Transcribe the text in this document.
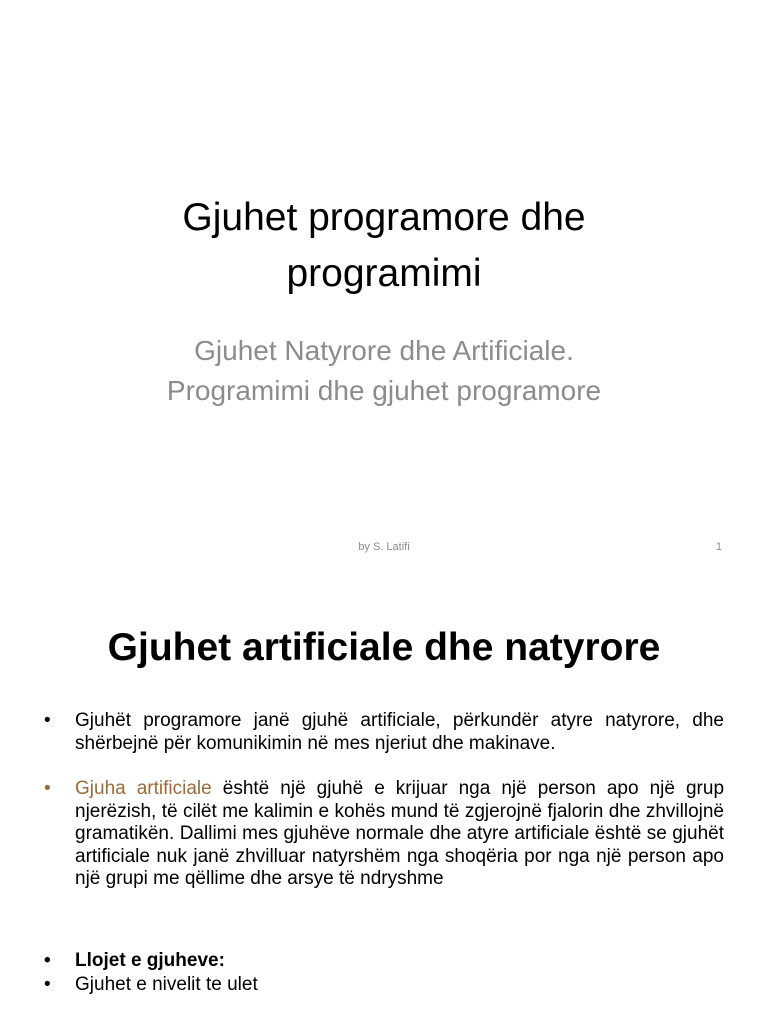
Gjuhet programore dhe
programimi
Gjuhet Natyrore dhe Artificiale.
Programimi dhe gjuhet programore
by S. Latifi	1
Gjuhet artificiale dhe natyrore
• Gjuhët programore janë gjuhë artificiale, përkundër atyre natyrore, dhe shërbejnë për komunikimin në mes njeriut dhe makinave.
• Gjuha artificiale është një gjuhë e krijuar nga një person apo një grup njerëzish, të cilët me kalimin e kohës mund të zgjerojnë fjalorin dhe zhvillojnë gramatikën. Dallimi mes gjuhëve normale dhe atyre artificiale është se gjuhët artificiale nuk janë zhvilluar natyrshëm nga shoqëria por nga një person apo një grupi me qëllime dhe arsye të ndryshme
• Llojet e gjuheve:
• Gjuhet e nivelit te ulet
